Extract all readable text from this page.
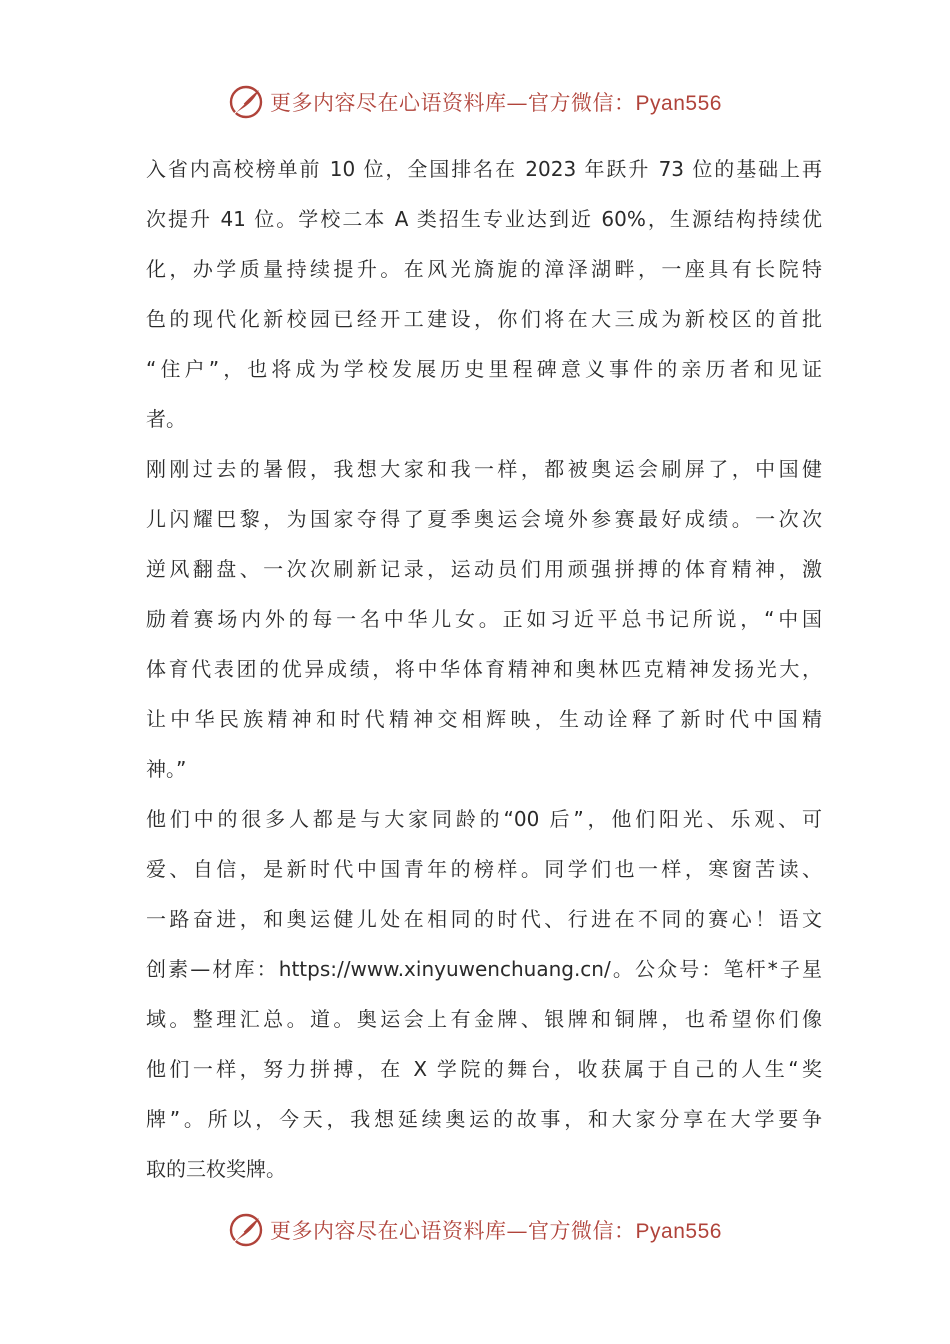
更多内容尽在心语资料库—官方微信：Pyan556
入省内高校榜单前 10 位，全国排名在 2023 年跃升 73 位的基础上再
次提升 41 位。学校二本 A 类招生专业达到近 60%，生源结构持续优
化，办学质量持续提升。在风光旖旎的漳泽湖畔，一座具有长院特
色的现代化新校园已经开工建设，你们将在大三成为新校区的首批
“住户”，也将成为学校发展历史里程碑意义事件的亲历者和见证
者。
刚刚过去的暑假，我想大家和我一样，都被奥运会刷屏了，中国健
儿闪耀巴黎，为国家夺得了夏季奥运会境外参赛最好成绩。一次次
逆风翻盘、一次次刷新记录，运动员们用顽强拼搏的体育精神，激
励着赛场内外的每一名中华儿女。正如习近平总书记所说，“中国
体育代表团的优异成绩，将中华体育精神和奥林匹克精神发扬光大，
让中华民族精神和时代精神交相辉映，生动诠释了新时代中国精
神。”
他们中的很多人都是与大家同龄的“00 后”，他们阳光、乐观、可
爱、自信，是新时代中国青年的榜样。同学们也一样，寒窗苦读、
一路奋进，和奥运健儿处在相同的时代、行进在不同的赛心！语文
创素—材库：https://www.xinyuwenchuang.cn/。公众号：笔杆*子星
域。整理汇总。道。奥运会上有金牌、银牌和铜牌，也希望你们像
他们一样，努力拼搏，在 X 学院的舞台，收获属于自己的人生“奖
牌”。所以，今天，我想延续奥运的故事，和大家分享在大学要争
取的三枚奖牌。
更多内容尽在心语资料库—官方微信：Pyan556
